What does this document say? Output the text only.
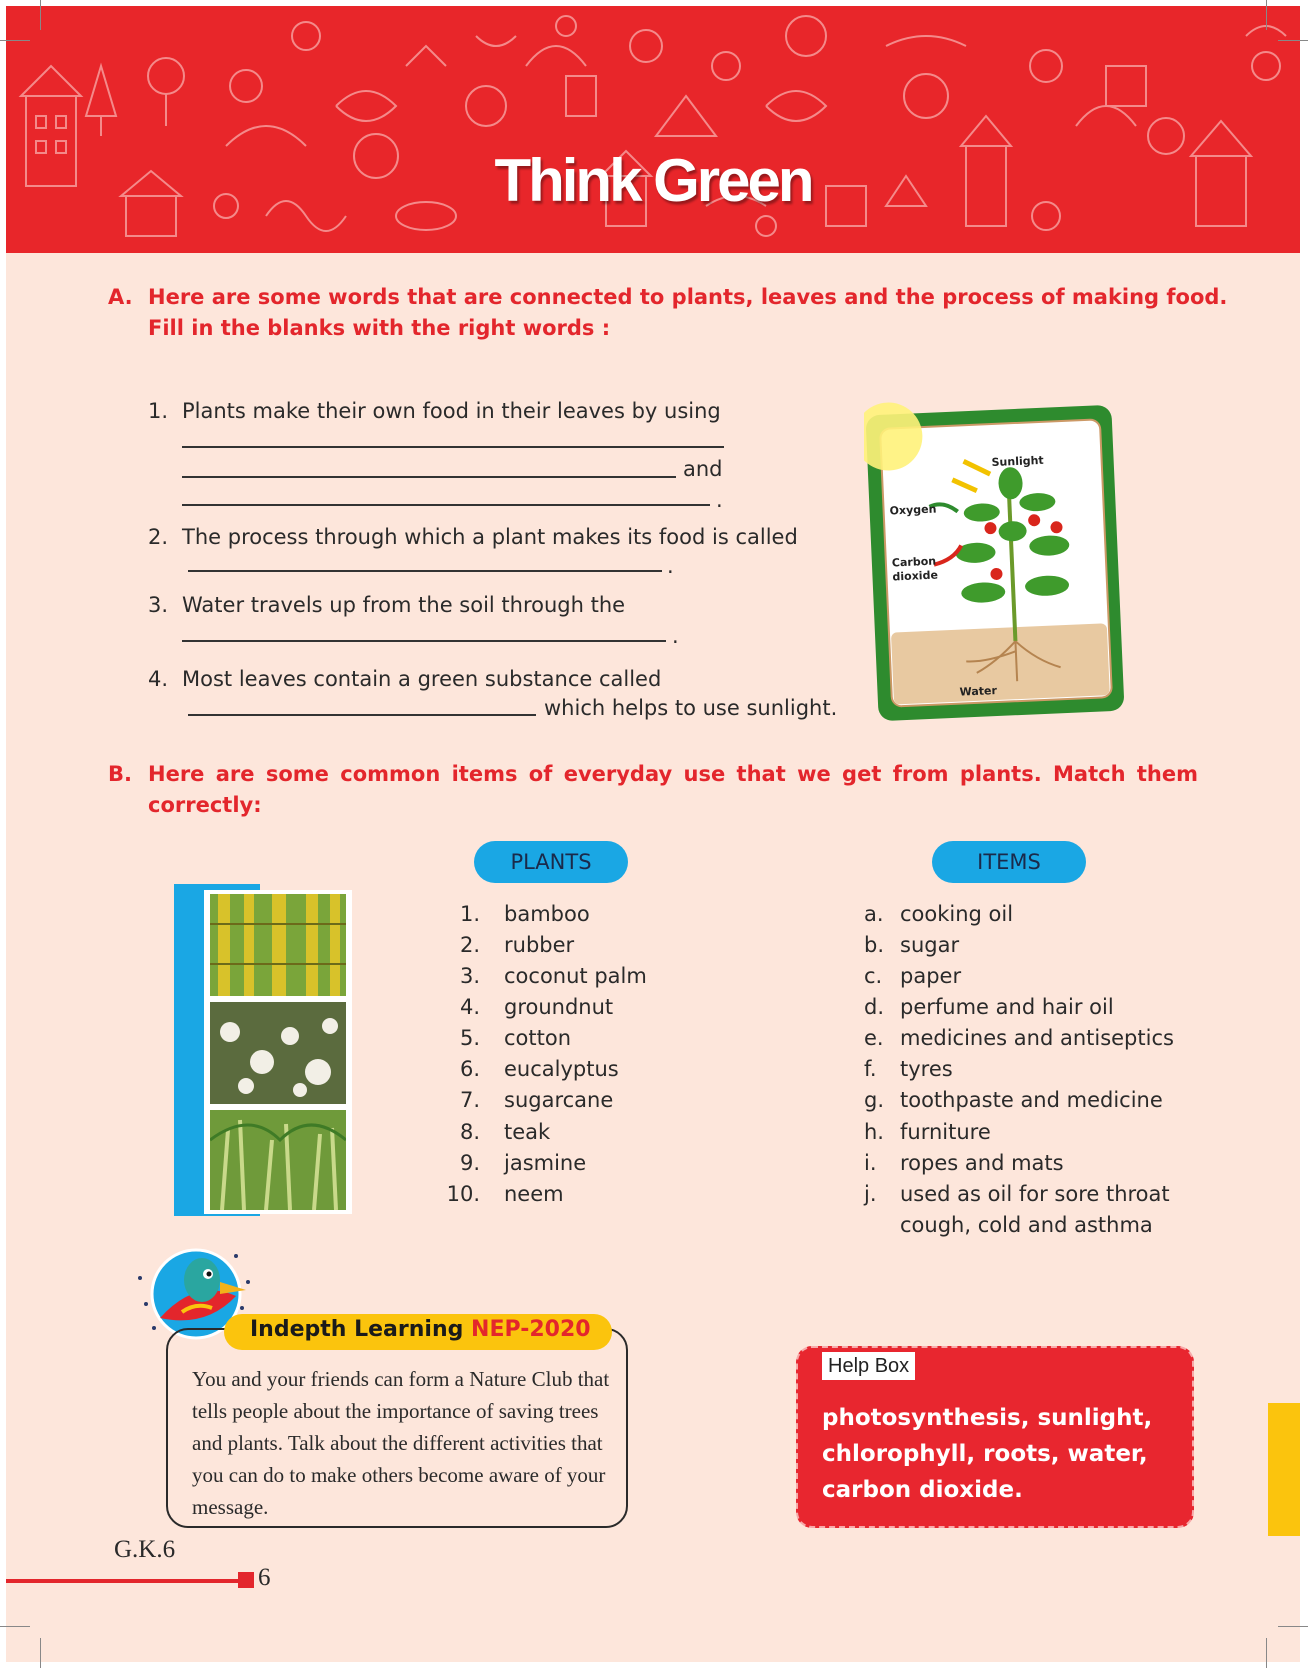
Think Green
A. Here are some words that are connected to plants, leaves and the process of making food.
Fill in the blanks with the right words :
1. Plants make their own food in their leaves by using
and
.
2. The process through which a plant makes its food is called
.
3. Water travels up from the soil through the
.
4. Most leaves contain a green substance called
which helps to use sunlight.
Sunlight
Oxygen
Carbon
dioxide
Water
B. Here are some common items of everyday use that we get from plants. Match them
correctly:
PLANTS	ITEMS
1. bamboo
2. rubber
3. coconut palm
4. groundnut
5. cotton
6. eucalyptus
7. sugarcane
8. teak
9. jasmine
10. neem
a. cooking oil
b. sugar
c. paper
d. perfume and hair oil
e. medicines and antiseptics
f. tyres
g. toothpaste and medicine
h. furniture
i. ropes and mats
j. used as oil for sore throat
cough, cold and asthma
Indepth Learning NEP-2020
You and your friends can form a Nature Club that tells people about the importance of saving trees and plants. Talk about the different activities that you can do to make others become aware of your message.
Help Box
photosynthesis, sunlight, chlorophyll, roots, water, carbon dioxide.
G.K.6
6
